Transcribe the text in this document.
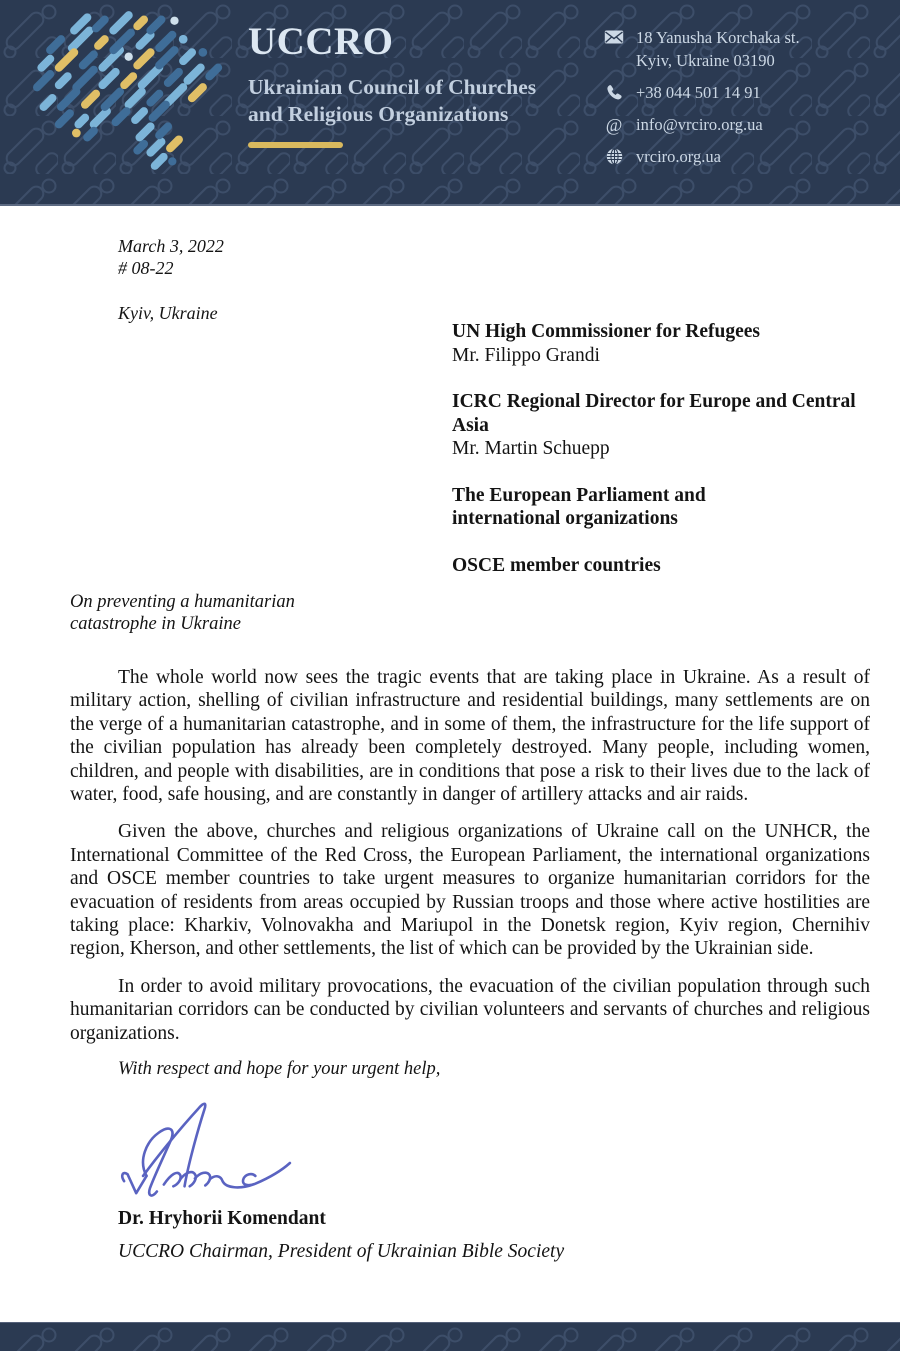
UCCRO
Ukrainian Council of Churches
and Religious Organizations
18 Yanusha Korchaka st.
Kyiv, Ukraine 03190
+38 044 501 14 91
@ info@vrciro.org.ua
vrciro.org.ua
March 3, 2022
# 08-22
Kyiv, Ukraine
UN High Commissioner for Refugees
Mr. Filippo Grandi
ICRC Regional Director for Europe and Central Asia
Mr. Martin Schuepp
The European Parliament and international organizations
OSCE member countries
On preventing a humanitarian catastrophe in Ukraine

The whole world now sees the tragic events that are taking place in Ukraine. As a result of military action, shelling of civilian infrastructure and residential buildings, many settlements are on the verge of a humanitarian catastrophe, and in some of them, the infrastructure for the life support of the civilian population has already been completely destroyed. Many people, including women, children, and people with disabilities, are in conditions that pose a risk to their lives due to the lack of water, food, safe housing, and are constantly in danger of artillery attacks and air raids.

Given the above, churches and religious organizations of Ukraine call on the UNHCR, the International Committee of the Red Cross, the European Parliament, the international organizations and OSCE member countries to take urgent measures to organize humanitarian corridors for the evacuation of residents from areas occupied by Russian troops and those where active hostilities are taking place: Kharkiv, Volnovakha and Mariupol in the Donetsk region, Kyiv region, Chernihiv region, Kherson, and other settlements, the list of which can be provided by the Ukrainian side.

In order to avoid military provocations, the evacuation of the civilian population through such humanitarian corridors can be conducted by civilian volunteers and servants of churches and religious organizations.

With respect and hope for your urgent help,
Dr. Hryhorii Komendant
UCCRO Chairman, President of Ukrainian Bible Society
